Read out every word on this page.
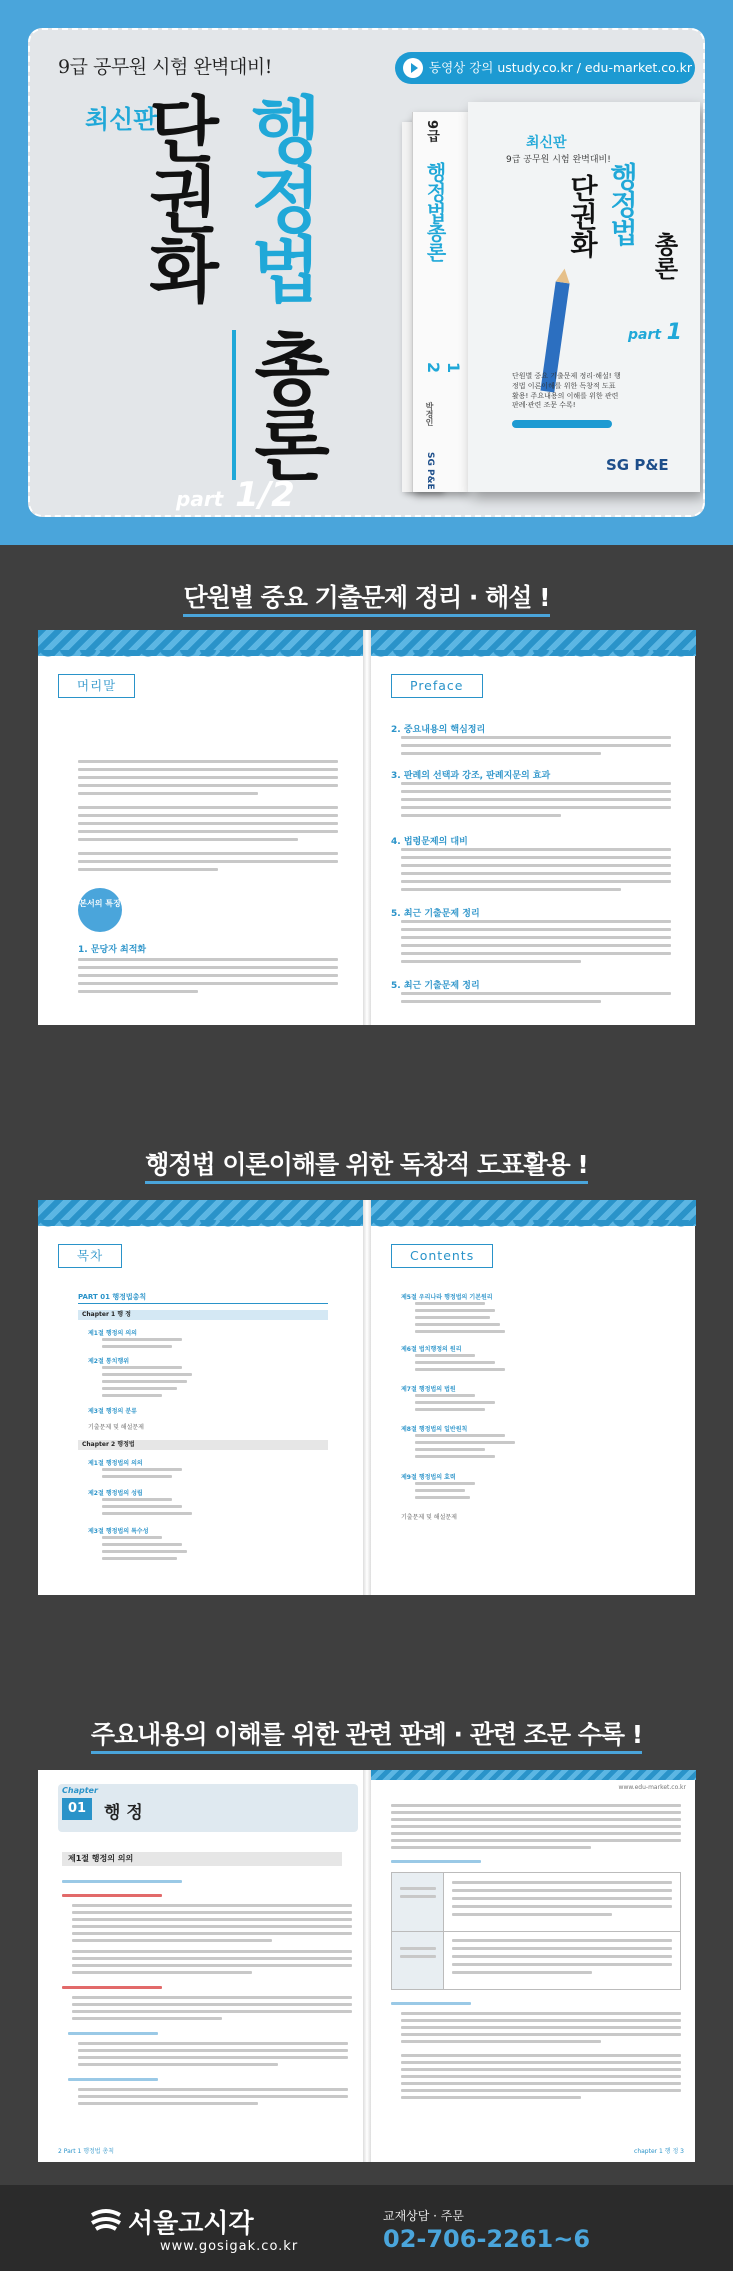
9급 공무원 시험 완벽대비!
최신판
단권화 행정법
총론
part 1/2
동영상 강의 ustudy.co.kr / edu-market.co.kr
9급
행정법총론
2 1
박경인
SG P&E
최신판
9급 공무원 시험 완벽대비!
단권화 행정법
총론
part 1
단원별 중요 기출문제 정리·해설! 행정법 이론이해를 위한 독창적 도표활용! 주요내용의 이해를 위한 관련 판례·관련 조문 수록!
SG P&E
단원별 중요 기출문제 정리 · 해설 !
머리말
본서의 특징
1. 문당자 최적화
Preface
2. 중요내용의 핵심정리
3. 판례의 선택과 강조, 판례지문의 효과
4. 법령문제의 대비
5. 최근 기출문제 정리
5. 최근 기출문제 정리
행정법 이론이해를 위한 독창적 도표활용 !
목차
PART 01 행정법총칙
Chapter 1 행 정
제1절 행정의 의의
제2절 통치행위
제3절 행정의 분류
기출문제 및 해설문제
Chapter 2 행정법
제1절 행정법의 의의
제2절 행정법의 성립
제3절 행정법의 특수성
Contents
제5절 우리나라 행정법의 기본원리
제6절 법치행정의 원리
제7절 행정법의 법원
제8절 행정법의 일반원칙
제9절 행정법의 효력
기출문제 및 해설문제
주요내용의 이해를 위한 관련 판례 · 관련 조문 수록 !
Chapter
01	행 정
제1절 행정의 의의
2 Part 1 행정법 총칙
www.edu-market.co.kr
chapter 1 행 정 3
서울고시각
www.gosigak.co.kr
교재상담 · 주문
02-706-2261~6
